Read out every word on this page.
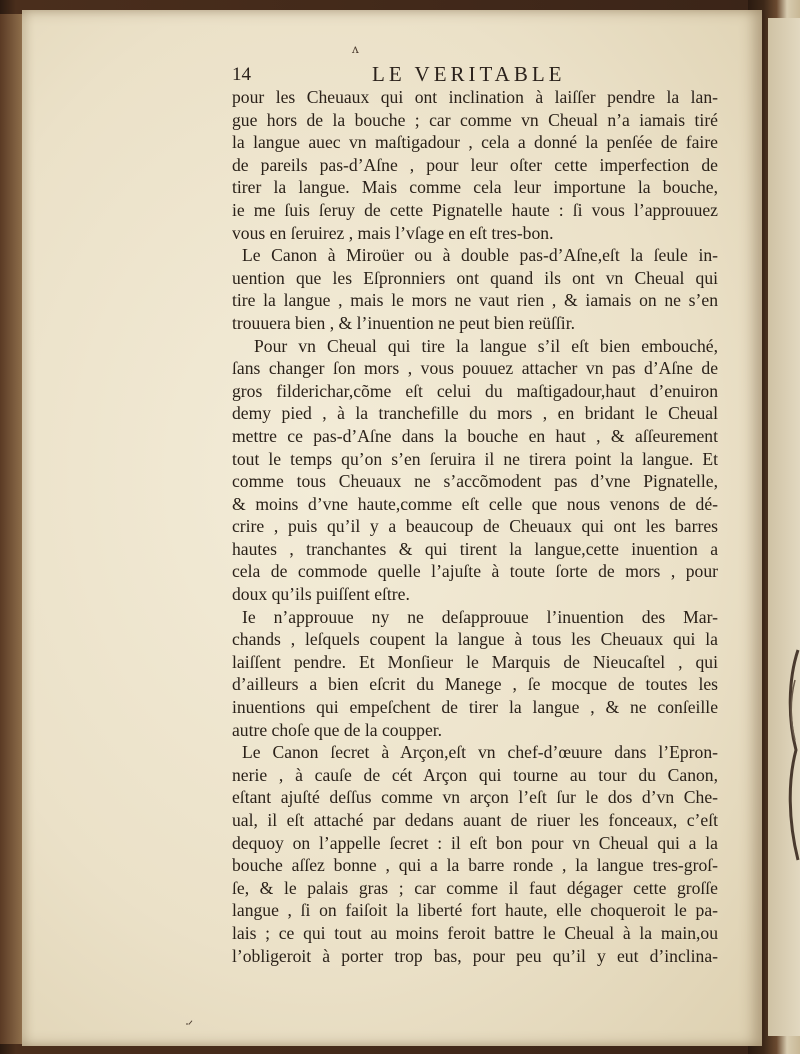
ʌ
᠊ᐟ
14	LE VERITABLE
pour les Cheuaux qui ont inclination à laiſſer pendre la lan-
gue hors de la bouche ; car comme vn Cheual n’a iamais tiré
la langue auec vn maſtigadour , cela a donné la penſée de faire
de pareils pas-d’Aſne , pour leur oſter cette imperfection de
tirer la langue. Mais comme cela leur importune la bouche,
ie me ſuis ſeruy de cette Pignatelle haute : ſi vous l’approuuez
vous en ſeruirez , mais l’vſage en eſt tres-bon.
Le Canon à Miroüer ou à double pas-d’Aſne,eſt la ſeule in-
uention que les Eſpronniers ont quand ils ont vn Cheual qui
tire la langue , mais le mors ne vaut rien , & iamais on ne s’en
trouuera bien , & l’inuention ne peut bien reüſſir.
Pour vn Cheual qui tire la langue s’il eſt bien embouché,
ſans changer ſon mors , vous pouuez attacher vn pas d’Aſne de
gros filderichar,cõme eſt celui du maſtigadour,haut d’enuiron
demy pied , à la tranchefille du mors , en bridant le Cheual
mettre ce pas-d’Aſne dans la bouche en haut , & aſſeurement
tout le temps qu’on s’en ſeruira il ne tirera point la langue. Et
comme tous Cheuaux ne s’accõmodent pas d’vne Pignatelle,
& moins d’vne haute,comme eſt celle que nous venons de dé-
crire , puis qu’il y a beaucoup de Cheuaux qui ont les barres
hautes , tranchantes & qui tirent la langue,cette inuention a
cela de commode quelle l’ajuſte à toute ſorte de mors , pour
doux qu’ils puiſſent eſtre.
Ie n’approuue ny ne deſapprouue l’inuention des Mar-
chands , leſquels coupent la langue à tous les Cheuaux qui la
laiſſent pendre. Et Monſieur le Marquis de Nieucaſtel , qui
d’ailleurs a bien eſcrit du Manege , ſe mocque de toutes les
inuentions qui empeſchent de tirer la langue , & ne conſeille
autre choſe que de la coupper.
Le Canon ſecret à Arçon,eſt vn chef-d’œuure dans l’Epron-
nerie , à cauſe de cét Arçon qui tourne au tour du Canon,
eſtant ajuſté deſſus comme vn arçon l’eſt ſur le dos d’vn Che-
ual, il eſt attaché par dedans auant de riuer les fonceaux, c’eſt
dequoy on l’appelle ſecret : il eſt bon pour vn Cheual qui a la
bouche aſſez bonne , qui a la barre ronde , la langue tres-groſ-
ſe, & le palais gras ; car comme il faut dégager cette groſſe
langue , ſi on faiſoit la liberté fort haute, elle choqueroit le pa-
lais ; ce qui tout au moins feroit battre le Cheual à la main,ou
l’obligeroit à porter trop bas, pour peu qu’il y eut d’inclina-
